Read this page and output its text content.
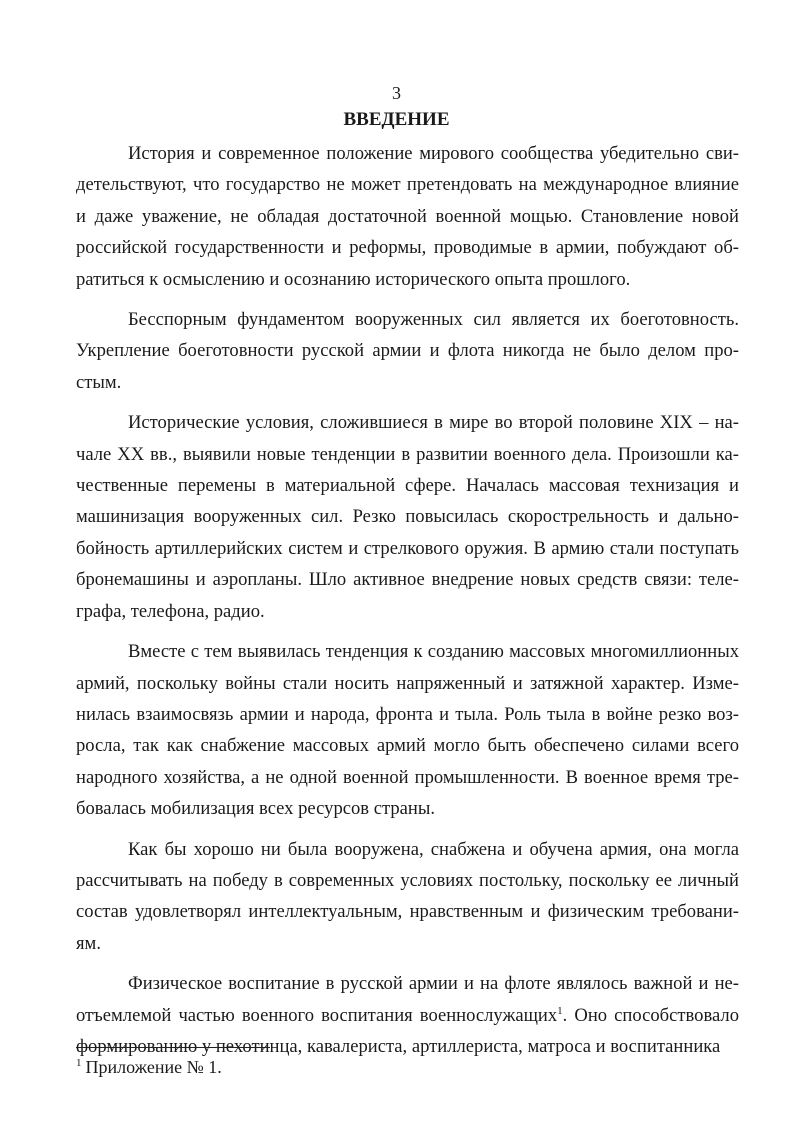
3

ВВЕДЕНИЕ

История и современное положение мирового сообщества убедительно свидетельствуют, что государство не может претендовать на международное влияние и даже уважение, не обладая достаточной военной мощью. Становление новой российской государственности и реформы, проводимые в армии, побуждают обратиться к осмыслению и осознанию исторического опыта прошлого.

Бесспорным фундаментом вооруженных сил является их боеготовность. Укрепление боеготовности русской армии и флота никогда не было делом простым.

Исторические условия, сложившиеся в мире во второй половине XIX – начале XX вв., выявили новые тенденции в развитии военного дела. Произошли качественные перемены в материальной сфере. Началась массовая технизация и машинизация вооруженных сил. Резко повысилась скорострельность и дальнобойность артиллерийских систем и стрелкового оружия. В армию стали поступать бронемашины и аэропланы. Шло активное внедрение новых средств связи: телеграфа, телефона, радио.

Вместе с тем выявилась тенденция к созданию массовых многомиллионных армий, поскольку войны стали носить напряженный и затяжной характер. Изменилась взаимосвязь армии и народа, фронта и тыла. Роль тыла в войне резко возросла, так как снабжение массовых армий могло быть обеспечено силами всего народного хозяйства, а не одной военной промышленности. В военное время требовалась мобилизация всех ресурсов страны.

Как бы хорошо ни была вооружена, снабжена и обучена армия, она могла рассчитывать на победу в современных условиях постольку, поскольку ее личный состав удовлетворял интеллектуальным, нравственным и физическим требованиям.

Физическое воспитание в русской армии и на флоте являлось важной и неотъемлемой частью военного воспитания военнослужащих$^1$. Оно способствовало формированию у пехотинца, кавалериста, артиллериста, матроса и воспитанника

$^1$ Приложение № 1.
